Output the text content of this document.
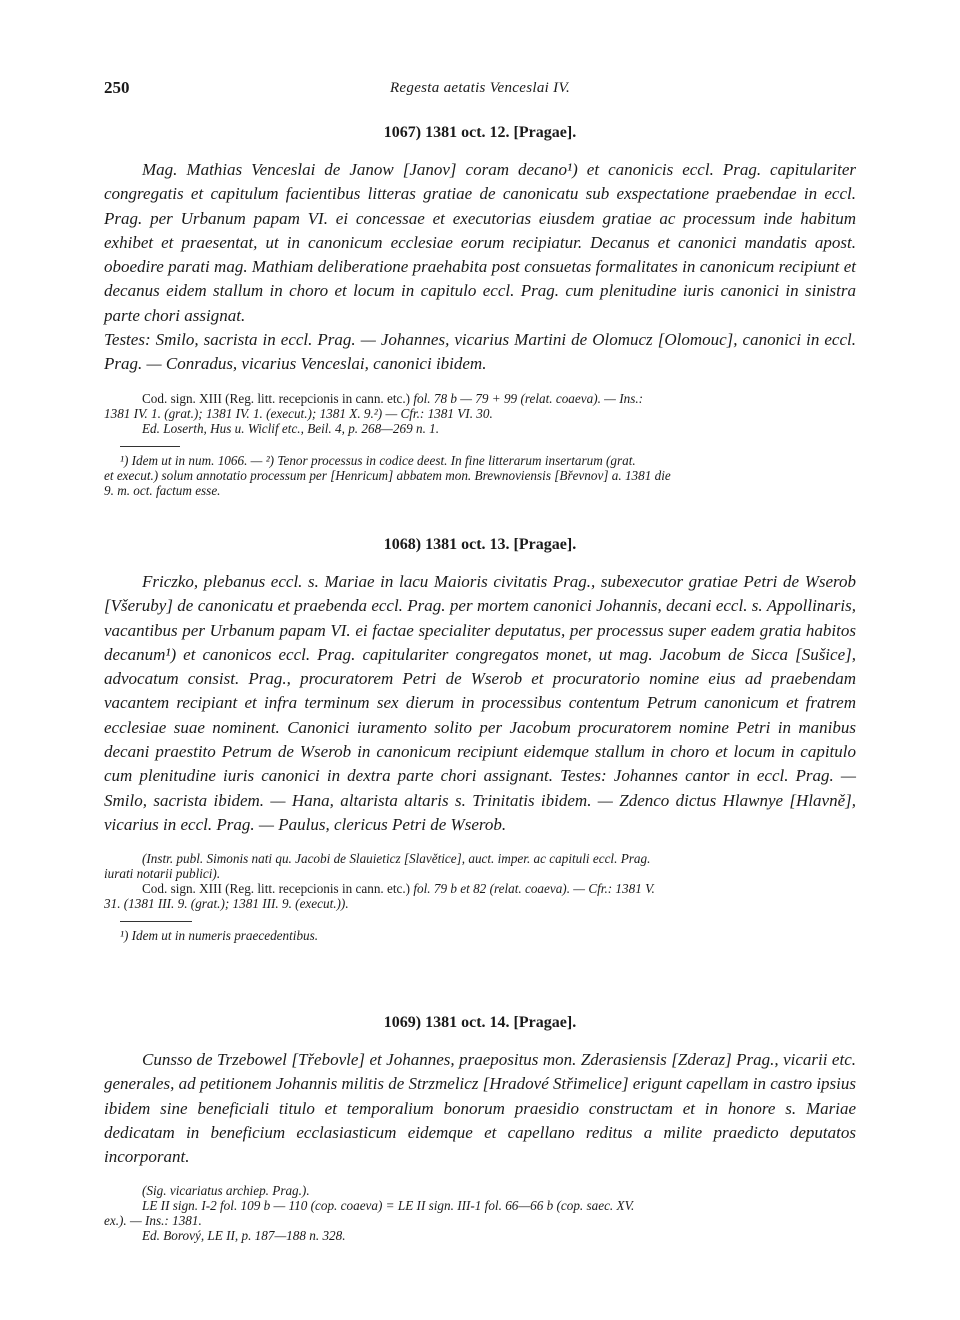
250	Regesta aetatis Venceslai IV.
1067) 1381 oct. 12. [Pragae].

Mag. Mathias Venceslai de Janow [Janov] coram decano¹) et canonicis eccl. Prag. capitulariter congregatis et capitulum facientibus litteras gratiae de canonicatu sub exspectatione praebendae in eccl. Prag. per Urbanum papam VI. ei concessae et executorias eiusdem gratiae ac processum inde habitum exhibet et praesentat, ut in canonicum ecclesiae eorum recipiatur. Decanus et canonici mandatis apost. oboedire parati mag. Mathiam deliberatione praehabita post consuetas formalitates in canonicum recipiunt et decanus eidem stallum in choro et locum in capitulo eccl. Prag. cum plenitudine iuris canonici in sinistra parte chori assignat.

Testes: Smilo, sacrista in eccl. Prag. — Johannes, vicarius Martini de Olomucz [Olomouc], canonici in eccl. Prag. — Conradus, vicarius Venceslai, canonici ibidem.

Cod. sign. XIII (Reg. litt. recepcionis in cann. etc.) fol. 78 b — 79 + 99 (relat. coaeva). — Ins.:
1381 IV. 1. (grat.); 1381 IV. 1. (execut.); 1381 X. 9.²) — Cfr.: 1381 VI. 30.
Ed. Loserth, Hus u. Wiclif etc., Beil. 4, p. 268—269 n. 1.
¹) Idem ut in num. 1066. — ²) Tenor processus in codice deest. In fine litterarum insertarum (grat.
et execut.) solum annotatio processum per [Henricum] abbatem mon. Brewnoviensis [Břevnov] a. 1381 die
9. m. oct. factum esse.
1068) 1381 oct. 13. [Pragae].

Friczko, plebanus eccl. s. Mariae in lacu Maioris civitatis Prag., subexecutor gratiae Petri de Wserob [Všeruby] de canonicatu et praebenda eccl. Prag. per mortem canonici Johannis, decani eccl. s. Appollinaris, vacantibus per Urbanum papam VI. ei factae specialiter deputatus, per processus super eadem gratia habitos decanum¹) et canonicos eccl. Prag. capitulariter congregatos monet, ut mag. Jacobum de Sicca [Sušice], advocatum consist. Prag., procuratorem Petri de Wserob et procuratorio nomine eius ad praebendam vacantem recipiant et infra terminum sex dierum in processibus contentum Petrum canonicum et fratrem ecclesiae suae nominent. Canonici iuramento solito per Jacobum procuratorem nomine Petri in manibus decani praestito Petrum de Wserob in canonicum recipiunt eidemque stallum in choro et locum in capitulo cum plenitudine iuris canonici in dextra parte chori assignant. Testes: Johannes cantor in eccl. Prag. — Smilo, sacrista ibidem. — Hana, altarista altaris s. Trinitatis ibidem. — Zdenco dictus Hlawnye [Hlavně], vicarius in eccl. Prag. — Paulus, clericus Petri de Wserob.

(Instr. publ. Simonis nati qu. Jacobi de Slauieticz [Slavětice], auct. imper. ac capituli eccl. Prag.
iurati notarii publici).
Cod. sign. XIII (Reg. litt. recepcionis in cann. etc.) fol. 79 b et 82 (relat. coaeva). — Cfr.: 1381 V.
31. (1381 III. 9. (grat.); 1381 III. 9. (execut.)).
¹) Idem ut in numeris praecedentibus.
1069) 1381 oct. 14. [Pragae].

Cunsso de Trzebowel [Třebovle] et Johannes, praepositus mon. Zderasiensis [Zderaz] Prag., vicarii etc. generales, ad petitionem Johannis militis de Strzmelicz [Hradové Střimelice] erigunt capellam in castro ipsius ibidem sine beneficiali titulo et temporalium bonorum praesidio constructam et in honore s. Mariae dedicatam in beneficium ecclasiasticum eidemque et capellano reditus a milite praedicto deputatos incorporant.

(Sig. vicariatus archiep. Prag.).
LE II sign. I-2 fol. 109 b — 110 (cop. coaeva) = LE II sign. III-1 fol. 66—66 b (cop. saec. XV.
ex.). — Ins.: 1381.
Ed. Borový, LE II, p. 187—188 n. 328.
